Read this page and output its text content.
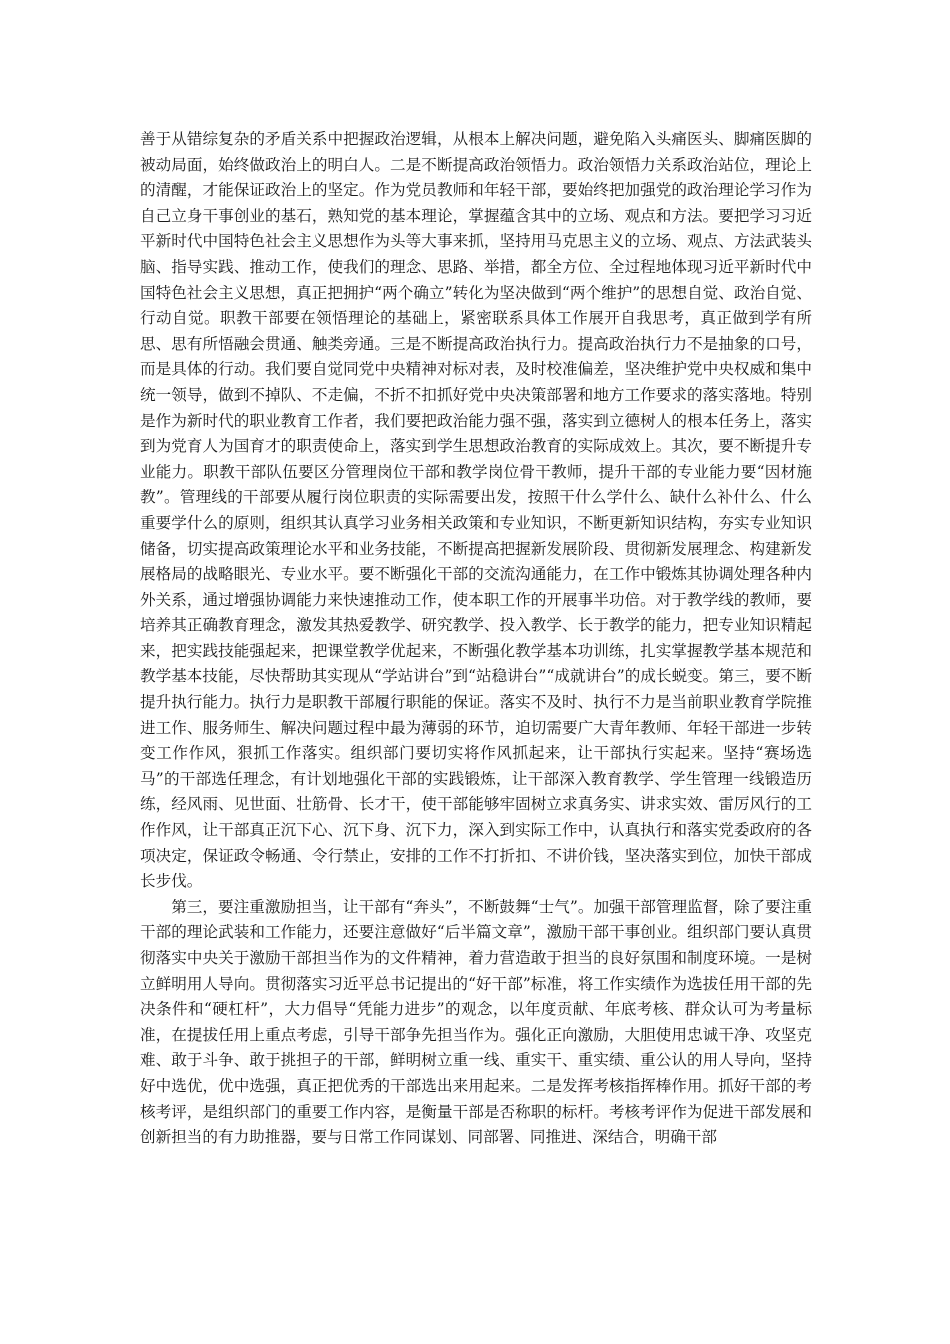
善于从错综复杂的矛盾关系中把握政治逻辑，从根本上解决问题，避免陷入头痛医头、脚痛医脚的被动局面，始终做政治上的明白人。二是不断提高政治领悟力。政治领悟力关系政治站位，理论上的清醒，才能保证政治上的坚定。作为党员教师和年轻干部，要始终把加强党的政治理论学习作为自己立身干事创业的基石，熟知党的基本理论，掌握蕴含其中的立场、观点和方法。要把学习习近平新时代中国特色社会主义思想作为头等大事来抓，坚持用马克思主义的立场、观点、方法武装头脑、指导实践、推动工作，使我们的理念、思路、举措，都全方位、全过程地体现习近平新时代中国特色社会主义思想，真正把拥护“两个确立”转化为坚决做到“两个维护”的思想自觉、政治自觉、行动自觉。职教干部要在领悟理论的基础上，紧密联系具体工作展开自我思考，真正做到学有所思、思有所悟融会贯通、触类旁通。三是不断提高政治执行力。提高政治执行力不是抽象的口号，而是具体的行动。我们要自觉同党中央精神对标对表，及时校准偏差，坚决维护党中央权威和集中统一领导，做到不掉队、不走偏，不折不扣抓好党中央决策部署和地方工作要求的落实落地。特别是作为新时代的职业教育工作者，我们要把政治能力强不强，落实到立德树人的根本任务上，落实到为党育人为国育才的职责使命上，落实到学生思想政治教育的实际成效上。其次，要不断提升专业能力。职教干部队伍要区分管理岗位干部和教学岗位骨干教师，提升干部的专业能力要“因材施教”。管理线的干部要从履行岗位职责的实际需要出发，按照干什么学什么、缺什么补什么、什么重要学什么的原则，组织其认真学习业务相关政策和专业知识，不断更新知识结构，夯实专业知识储备，切实提高政策理论水平和业务技能，不断提高把握新发展阶段、贯彻新发展理念、构建新发展格局的战略眼光、专业水平。要不断强化干部的交流沟通能力，在工作中锻炼其协调处理各种内外关系，通过增强协调能力来快速推动工作，使本职工作的开展事半功倍。对于教学线的教师，要培养其正确教育理念，激发其热爱教学、研究教学、投入教学、长于教学的能力，把专业知识精起来，把实践技能强起来，把课堂教学优起来，不断强化教学基本功训练，扎实掌握教学基本规范和教学基本技能，尽快帮助其实现从“学站讲台”到“站稳讲台”“成就讲台”的成长蜕变。第三，要不断提升执行能力。执行力是职教干部履行职能的保证。落实不及时、执行不力是当前职业教育学院推进工作、服务师生、解决问题过程中最为薄弱的环节，迫切需要广大青年教师、年轻干部进一步转变工作作风，狠抓工作落实。组织部门要切实将作风抓起来，让干部执行实起来。坚持“赛场选马”的干部选任理念，有计划地强化干部的实践锻炼，让干部深入教育教学、学生管理一线锻造历练，经风雨、见世面、壮筋骨、长才干，使干部能够牢固树立求真务实、讲求实效、雷厉风行的工作作风，让干部真正沉下心、沉下身、沉下力，深入到实际工作中，认真执行和落实党委政府的各项决定，保证政令畅通、令行禁止，安排的工作不打折扣、不讲价钱，坚决落实到位，加快干部成长步伐。

第三，要注重激励担当，让干部有“奔头”，不断鼓舞“士气”。加强干部管理监督，除了要注重干部的理论武装和工作能力，还要注意做好“后半篇文章”，激励干部干事创业。组织部门要认真贯彻落实中央关于激励干部担当作为的文件精神，着力营造敢于担当的良好氛围和制度环境。一是树立鲜明用人导向。贯彻落实习近平总书记提出的“好干部”标准，将工作实绩作为选拔任用干部的先决条件和“硬杠杆”，大力倡导“凭能力进步”的观念，以年度贡献、年底考核、群众认可为考量标准，在提拔任用上重点考虑，引导干部争先担当作为。强化正向激励，大胆使用忠诚干净、攻坚克难、敢于斗争、敢于挑担子的干部，鲜明树立重一线、重实干、重实绩、重公认的用人导向，坚持好中选优，优中选强，真正把优秀的干部选出来用起来。二是发挥考核指挥棒作用。抓好干部的考核考评，是组织部门的重要工作内容，是衡量干部是否称职的标杆。考核考评作为促进干部发展和创新担当的有力助推器，要与日常工作同谋划、同部署、同推进、深结合，明确干部
